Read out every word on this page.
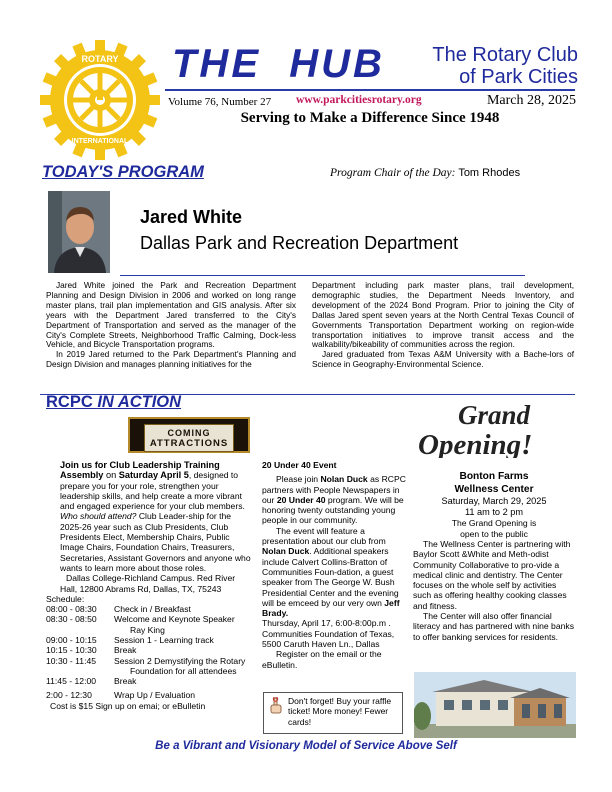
ROTARY
INTERNATIONAL
THE  HUB	The Rotary Club
of Park Cities
Volume 76, Number 27 www.parkcitiesrotary.org	March 28, 2025
Serving to Make a Difference Since 1948
TODAY'S PROGRAM	Program Chair of the Day: Tom Rhodes
Jared White
Dallas Park and Recreation Department

Jared White joined the Park and Recreation Department Planning and Design Division in 2006 and worked on long range master plans, trail plan implementation and GIS analysis. After six years with the Department Jared transferred to the City's Department of Transportation and served as the manager of the City's Complete Streets, Neighborhood Traffic Calming, Dock-less Vehicle, and Bicycle Transportation programs.

In 2019 Jared returned to the Park Department's Planning and Design Division and manages planning initiatives for the

Department including park master plans, trail development, demographic studies, the Department Needs Inventory, and development of the 2024 Bond Program. Prior to joining the City of Dallas Jared spent seven years at the North Central Texas Council of Governments Transportation Department working on region-wide transportation initiatives to improve transit access and the walkability/bikeability of communities across the region.

Jared graduated from Texas A&M University with a Bache-lors of Science in Geography-Environmental Science.

RCPC IN ACTION
COMING
ATTRACTIONS
Join us for Club Leadership Training Assembly on Saturday April 5, designed to prepare you for your role, strengthen your leadership skills, and help create a more vibrant and engaged experience for your club members.
Who should attend? Club Leader-ship for the 2025-26 year such as Club Presidents, Club Presidents Elect, Membership Chairs, Public Image Chairs, Foundation Chairs, Treasurers, Secretaries, Assistant Governors and anyone who wants to learn more about those roles.
Dallas College-Richland Campus. Red River Hall, 12800 Abrams Rd, Dallas, TX, 75243
Schedule:
08:00 - 08:30	Check in / Breakfast
08:30 - 08:50	Welcome and Keynote Speaker
	Ray King
09:00 - 10:15	Session 1 - Learning track
10:15 - 10:30	Break
10:30 - 11:45	Session 2 Demystifying the Rotary
	Foundation for all attendees
11:45 - 12:00	Break
2:00 - 12:30	Wrap Up / Evaluation
Cost is $15 Sign up on emai; or eBulletin
20 Under 40 Event
Please join Nolan Duck as RCPC partners with People Newspapers in our 20 Under 40 program. We will be honoring twenty outstanding young people in our community.
The event will feature a presentation about our club from Nolan Duck. Additional speakers include Calvert Collins-Bratton of Communities Foun-dation, a guest speaker from The George W. Bush Presidential Center and the evening will be emceed by our very own Jeff Brady.
Thursday, April 17, 6:00-8:00p.m . Communities Foundation of Texas, 5500 Caruth Haven Ln., Dallas
Register on the email or the eBulletin.
Don't forget! Buy your raffle ticket! More money! Fewer cards!
Grand
Opening!
Bonton Farms
Wellness Center
Saturday, March 29, 2025
11 am to 2 pm
The Grand Opening is
open to the public
The Wellness Center is partnering with Baylor Scott &White and Meth-odist Community Collaborative to pro-vide a medical clinic and dentistry. The Center focuses on the whole self by activities such as offering healthy cooking classes and fitness.
The Center will also offer financial literacy and has partnered with nine banks to offer banking services for residents.
Be a Vibrant and Visionary Model of Service Above Self
